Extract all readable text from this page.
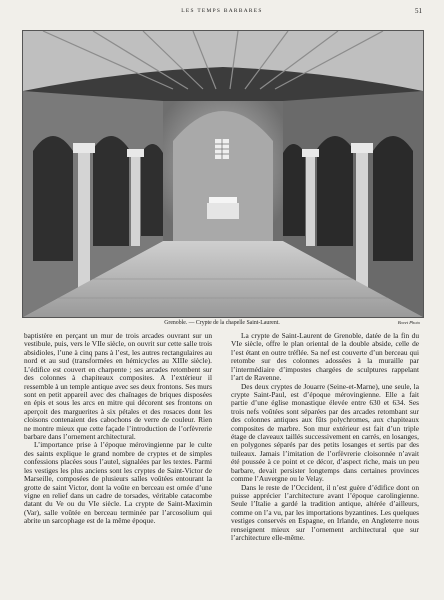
LES TEMPS BARBARES	51
Grenoble. — Crypte de la chapelle Saint-Laurent.	Bovet Photo

baptistère en perçant un mur de trois arcades ouvrant sur un vestibule, puis, vers le VIIe siècle, on ouvrit sur cette salle trois absidioles, l’une à cinq pans à l’est, les autres rectangulaires au nord et au sud (transformées en hémicycles au XIIIe siècle). L’édifice est couvert en charpente ; ses arcades retombent sur des colonnes à chapiteaux composites. A l’extérieur il ressemble à un temple antique avec ses deux frontons. Ses murs sont en petit appareil avec des chaînages de briques disposées en épis et sous les arcs en mitre qui décorent ses frontons on aperçoit des marguerites à six pétales et des rosaces dont les cloisons contenaient des cabochons de verre de couleur. Rien ne montre mieux que cette façade l’introduction de l’orfèvrerie barbare dans l’ornement architectural.

L’importance prise à l’époque mérovingienne par le culte des saints explique le grand nombre de cryptes et de simples confessions placées sous l’autel, signalées par les textes. Parmi les vestiges les plus anciens sont les cryptes de Saint-Victor de Marseille, composées de plusieurs salles voûtées entourant la grotte de saint Victor, dont la voûte en berceau est ornée d’une vigne en relief dans un cadre de torsades, véritable catacombe datant du Ve ou du VIe siècle. La crypte de Saint-Maximin (Var), salle voûtée en berceau terminée par l’arcosolium qui abrite un sarcophage est de la même époque.

La crypte de Saint-Laurent de Grenoble, datée de la fin du VIe siècle, offre le plan oriental de la double abside, celle de l’est étant en outre tréflée. Sa nef est couverte d’un berceau qui retombe sur des colonnes adossées à la muraille par l’intermédiaire d’impostes chargées de sculptures rappelant l’art de Ravenne.

Des deux cryptes de Jouarre (Seine-et-Marne), une seule, la crypte Saint-Paul, est d’époque mérovingienne. Elle a fait partie d’une église monastique élevée entre 630 et 634. Ses trois nefs voûtées sont séparées par des arcades retombant sur des colonnes antiques aux fûts polychromes, aux chapiteaux composites de marbre. Son mur extérieur est fait d’un triple étage de claveaux taillés successivement en carrés, en losanges, en polygones séparés par des petits losanges et sertis par des tuileaux. Jamais l’imitation de l’orfèvrerie cloisonnée n’avait été poussée à ce point et ce décor, d’aspect riche, mais un peu barbare, devait persister longtemps dans certaines provinces comme l’Auvergne ou le Velay.

Dans le reste de l’Occident, il n’est guère d’édifice dont on puisse apprécier l’architecture avant l’époque carolingienne. Seule l’Italie a gardé la tradition antique, altérée d’ailleurs, comme on l’a vu, par les importations byzantines. Les quelques vestiges conservés en Espagne, en Irlande, en Angleterre nous renseignent mieux sur l’ornement architectural que sur l’architecture elle-même.
